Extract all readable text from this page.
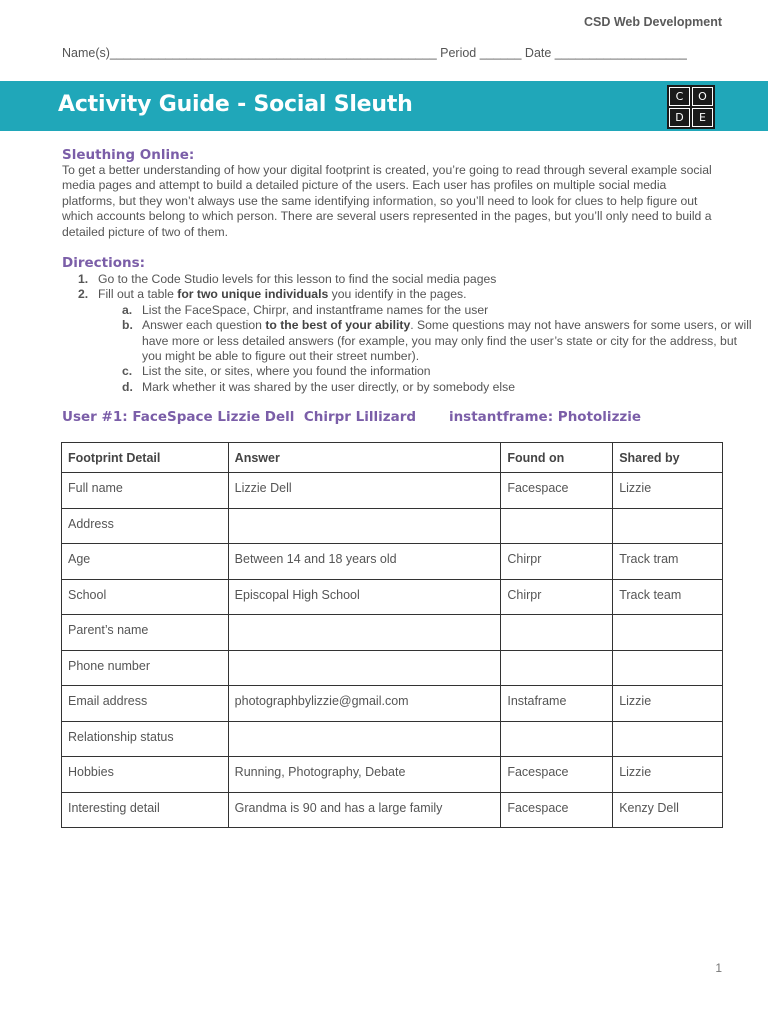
CSD Web Development
Name(s)_______________________________________________ Period ______ Date ___________________
Activity Guide - Social Sleuth	C	O
D	E
Sleuthing Online:
To get a better understanding of how your digital footprint is created, you’re going to read through several example social media pages and attempt to build a detailed picture of the users. Each user has profiles on multiple social media platforms, but they won’t always use the same identifying information, so you’ll need to look for clues to help figure out which accounts belong to which person. There are several users represented in the pages, but you’ll only need to build a detailed picture of two of them.
Directions:
1. Go to the Code Studio levels for this lesson to find the social media pages
2. Fill out a table for two unique individuals you identify in the pages.
a. List the FaceSpace, Chirpr, and instantframe names for the user
b. Answer each question to the best of your ability. Some questions may not have answers for some users, or will have more or less detailed answers (for example, you may only find the user’s state or city for the address, but you might be able to figure out their street number).
c. List the site, or sites, where you found the information
d. Mark whether it was shared by the user directly, or by somebody else
User #1: FaceSpace Lizzie Dell  Chirpr Lillizard       instantframe: Photolizzie
Footprint Detail	Answer	Found on	Shared by
Full name	Lizzie Dell	Facespace	Lizzie
Address			
Age	Between 14 and 18 years old	Chirpr	Track tram
School	Episcopal High School	Chirpr	Track team
Parent’s name			
Phone number			
Email address	photographbylizzie@gmail.com	Instaframe	Lizzie
Relationship status			
Hobbies	Running, Photography, Debate	Facespace	Lizzie
Interesting detail	Grandma is 90 and has a large family	Facespace	Kenzy Dell
1
